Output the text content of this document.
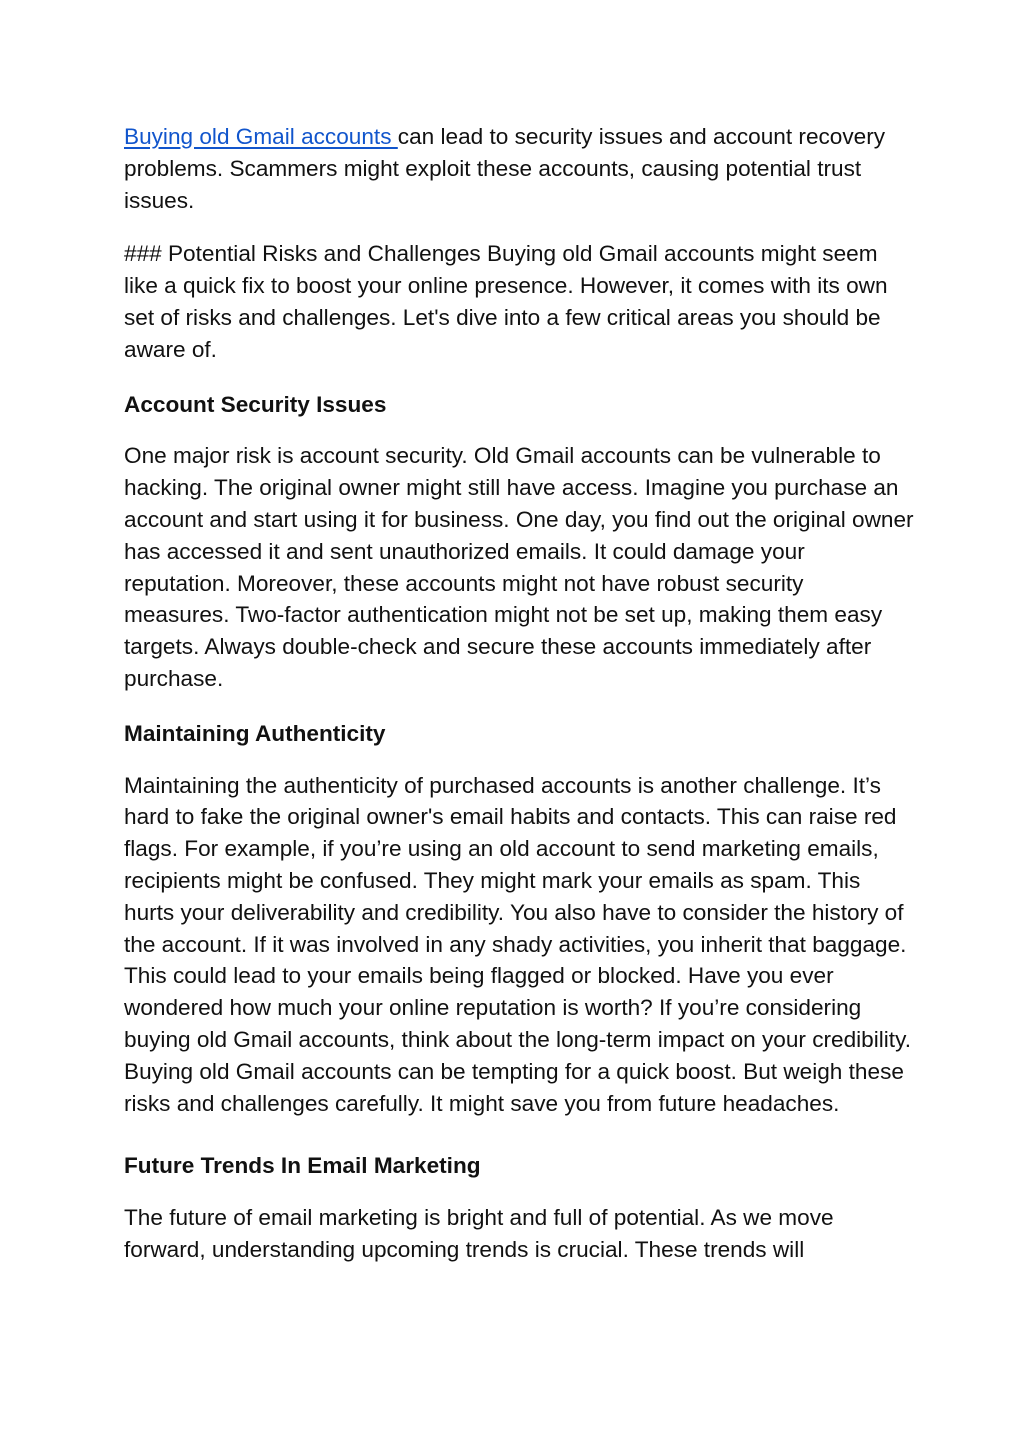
Buying old Gmail accounts can lead to security issues and account recovery problems. Scammers might exploit these accounts, causing potential trust issues.

### Potential Risks and Challenges Buying old Gmail accounts might seem like a quick fix to boost your online presence. However, it comes with its own set of risks and challenges. Let's dive into a few critical areas you should be aware of.

Account Security Issues

One major risk is account security. Old Gmail accounts can be vulnerable to hacking. The original owner might still have access. Imagine you purchase an account and start using it for business. One day, you find out the original owner has accessed it and sent unauthorized emails. It could damage your reputation. Moreover, these accounts might not have robust security measures. Two-factor authentication might not be set up, making them easy targets. Always double-check and secure these accounts immediately after purchase.

Maintaining Authenticity

Maintaining the authenticity of purchased accounts is another challenge. It’s hard to fake the original owner's email habits and contacts. This can raise red flags. For example, if you’re using an old account to send marketing emails, recipients might be confused. They might mark your emails as spam. This hurts your deliverability and credibility. You also have to consider the history of the account. If it was involved in any shady activities, you inherit that baggage. This could lead to your emails being flagged or blocked. Have you ever wondered how much your online reputation is worth? If you’re considering buying old Gmail accounts, think about the long-term impact on your credibility. Buying old Gmail accounts can be tempting for a quick boost. But weigh these risks and challenges carefully. It might save you from future headaches.

Future Trends In Email Marketing

The future of email marketing is bright and full of potential. As we move forward, understanding upcoming trends is crucial. These trends will
